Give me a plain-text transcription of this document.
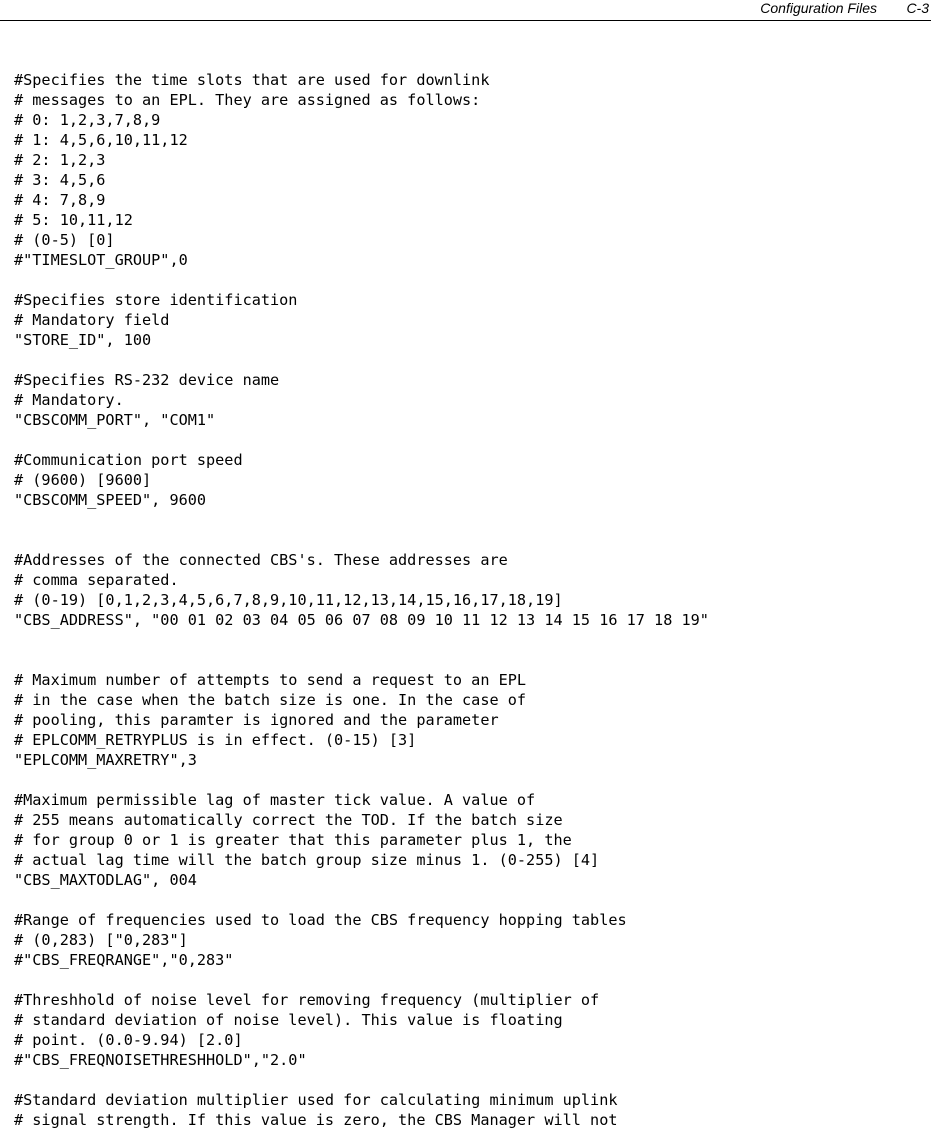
Configuration Files C-3
#Specifies the time slots that are used for downlink
# messages to an EPL. They are assigned as follows:
# 0: 1,2,3,7,8,9
# 1: 4,5,6,10,11,12
# 2: 1,2,3
# 3: 4,5,6
# 4: 7,8,9
# 5: 10,11,12
# (0-5) [0]
#"TIMESLOT_GROUP",0
#Specifies store identification
# Mandatory field
"STORE_ID", 100
#Specifies RS-232 device name
# Mandatory.
"CBSCOMM_PORT", "COM1"
#Communication port speed
# (9600) [9600]
"CBSCOMM_SPEED", 9600
#Addresses of the connected CBS's. These addresses are
# comma separated.
# (0-19) [0,1,2,3,4,5,6,7,8,9,10,11,12,13,14,15,16,17,18,19]
"CBS_ADDRESS", "00 01 02 03 04 05 06 07 08 09 10 11 12 13 14 15 16 17 18 19"
# Maximum number of attempts to send a request to an EPL
# in the case when the batch size is one. In the case of
# pooling, this paramter is ignored and the parameter
# EPLCOMM_RETRYPLUS is in effect. (0-15) [3]
"EPLCOMM_MAXRETRY",3
#Maximum permissible lag of master tick value. A value of
# 255 means automatically correct the TOD. If the batch size
# for group 0 or 1 is greater that this parameter plus 1, the
# actual lag time will the batch group size minus 1. (0-255) [4]
"CBS_MAXTODLAG", 004
#Range of frequencies used to load the CBS frequency hopping tables
# (0,283) ["0,283"]
#"CBS_FREQRANGE","0,283"
#Threshhold of noise level for removing frequency (multiplier of
# standard deviation of noise level). This value is floating
# point. (0.0-9.94) [2.0]
#"CBS_FREQNOISETHRESHHOLD","2.0"
#Standard deviation multiplier used for calculating minimum uplink
# signal strength. If this value is zero, the CBS Manager will not
